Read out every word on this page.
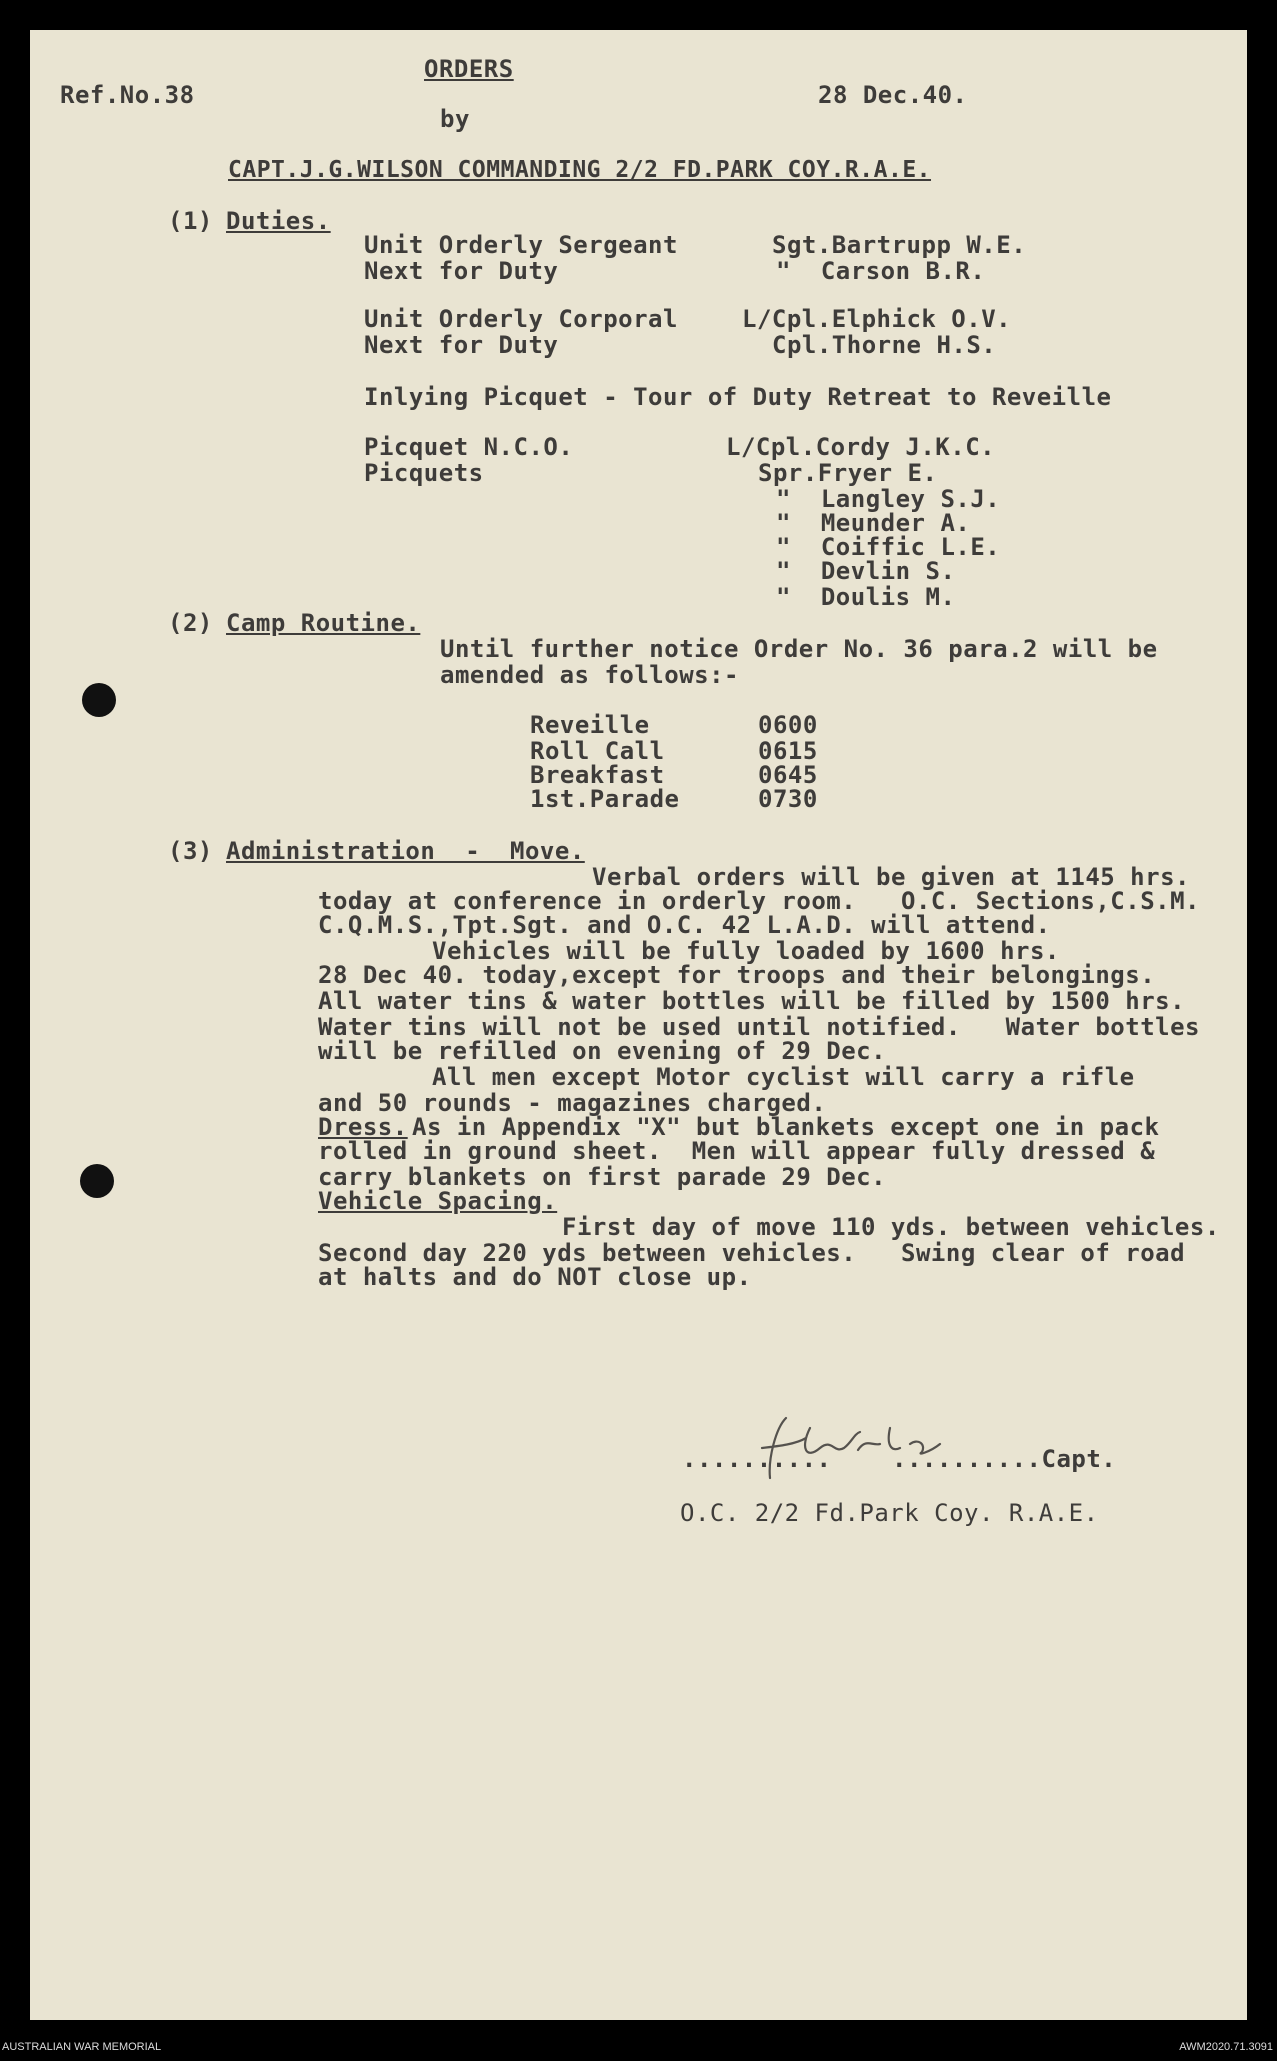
ORDERS
Ref.No.38	28 Dec.40.
by
CAPT.J.G.WILSON COMMANDING 2/2 FD.PARK COY.R.A.E.
(1) Duties.
Unit Orderly Sergeant	Sgt.Bartrupp W.E.
Next for Duty	"  Carson B.R.
Unit Orderly Corporal	L/Cpl.Elphick O.V.
Next for Duty	Cpl.Thorne H.S.
Inlying Picquet - Tour of Duty Retreat to Reveille
Picquet N.C.O.	L/Cpl.Cordy J.K.C.
Picquets	Spr.Fryer E.
"  Langley S.J.
"  Meunder A.
"  Coiffic L.E.
"  Devlin S.
"  Doulis M.
(2) Camp Routine.
Until further notice Order No. 36 para.2 will be
amended as follows:-
Reveille	0600
Roll Call	0615
Breakfast	0645
1st.Parade	0730
(3) Administration  -  Move.
Verbal orders will be given at 1145 hrs.
today at conference in orderly room.   O.C. Sections,C.S.M.
C.Q.M.S.,Tpt.Sgt. and O.C. 42 L.A.D. will attend.
Vehicles will be fully loaded by 1600 hrs.
28 Dec 40. today,except for troops and their belongings.
All water tins & water bottles will be filled by 1500 hrs.
Water tins will not be used until notified.   Water bottles
will be refilled on evening of 29 Dec.
All men except Motor cyclist will carry a rifle
and 50 rounds - magazines charged.
Dress. As in Appendix "X" but blankets except one in pack
rolled in ground sheet.  Men will appear fully dressed &
carry blankets on first parade 29 Dec.
Vehicle Spacing.
First day of move 110 yds. between vehicles.
Second day 220 yds between vehicles.   Swing clear of road
at halts and do NOT close up.
..........	..........Capt.
O.C. 2/2 Fd.Park Coy. R.A.E.
AUSTRALIAN WAR MEMORIAL	AWM2020.71.3091
